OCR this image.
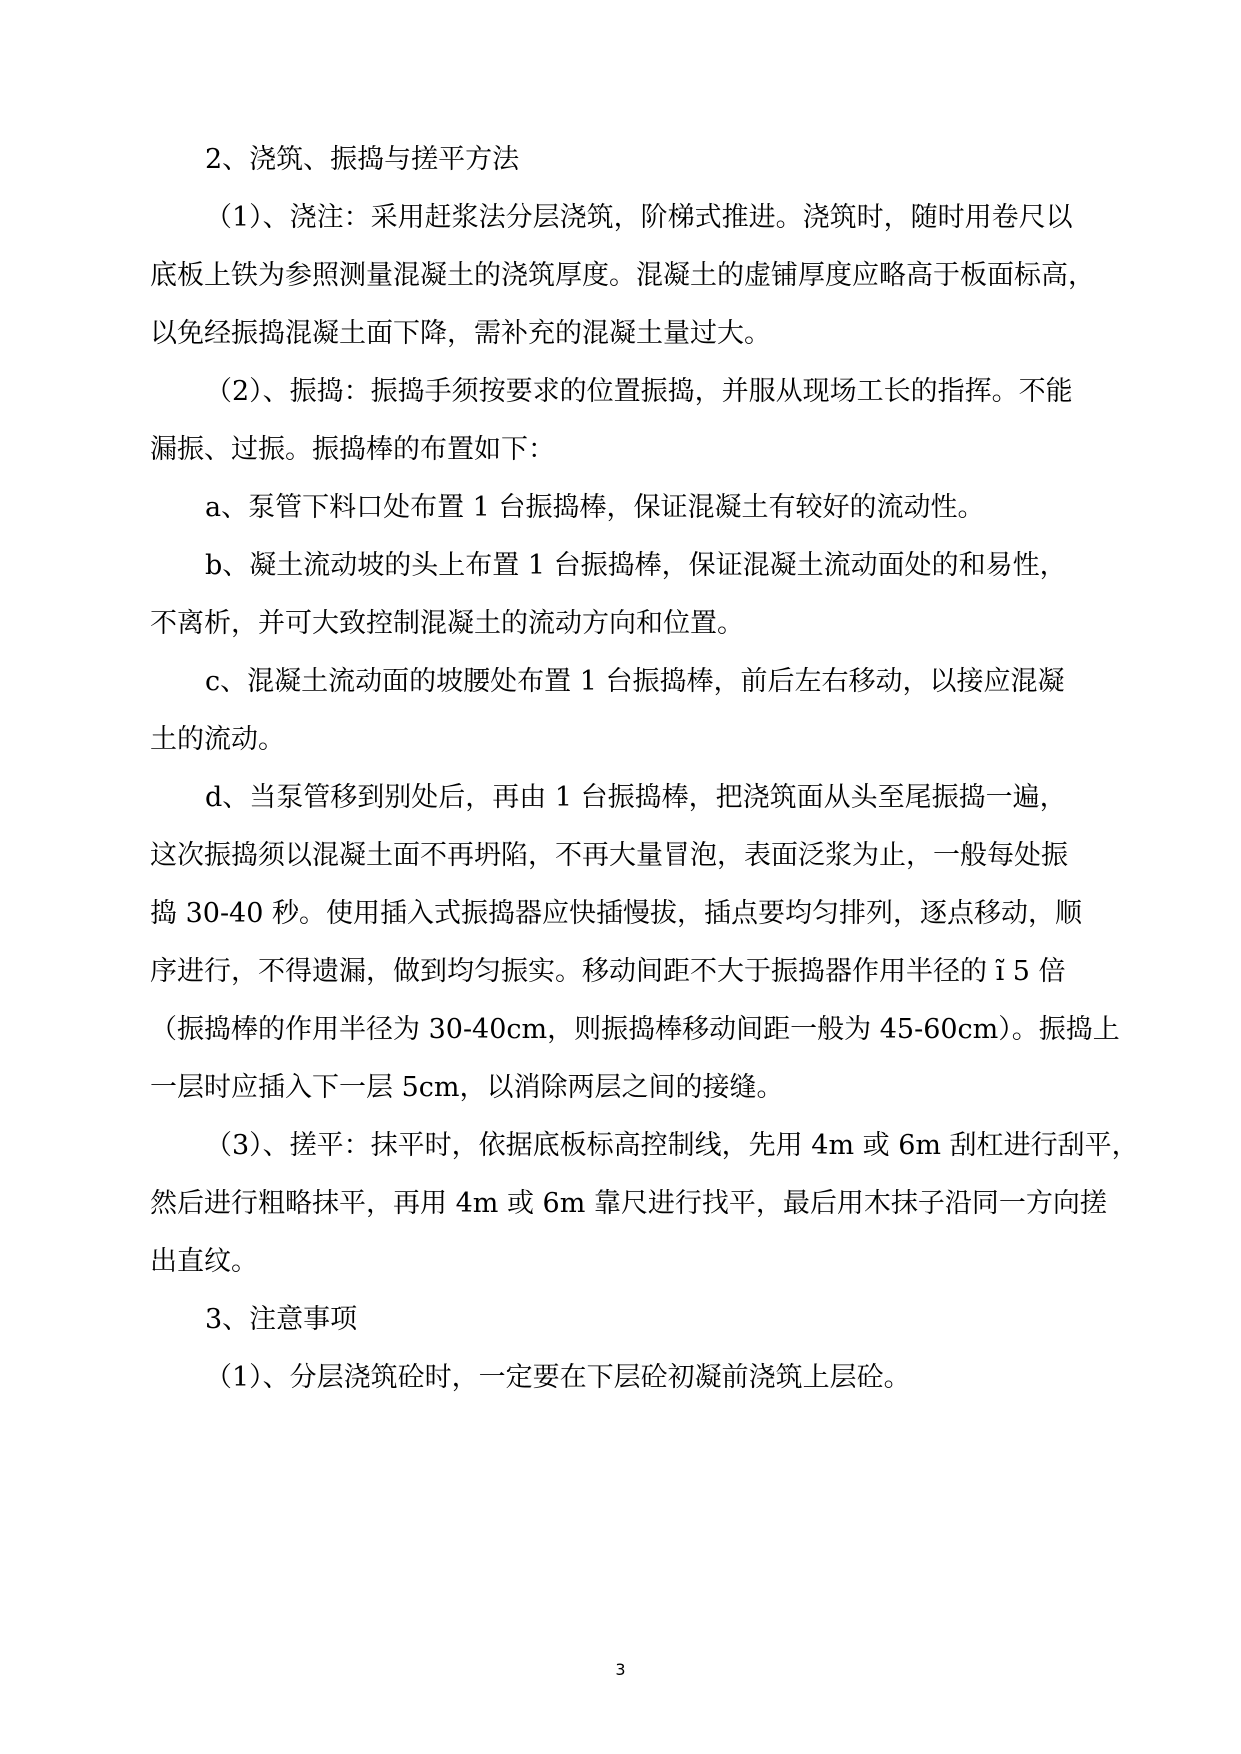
2、浇筑、振捣与搓平方法
（1）、浇注：采用赶浆法分层浇筑，阶梯式推进。浇筑时，随时用卷尺以
底板上铁为参照测量混凝土的浇筑厚度。混凝土的虚铺厚度应略高于板面标高，
以免经振捣混凝土面下降，需补充的混凝土量过大。
（2）、振捣：振捣手须按要求的位置振捣，并服从现场工长的指挥。不能
漏振、过振。振捣棒的布置如下：
a、泵管下料口处布置 1 台振捣棒，保证混凝土有较好的流动性。
b、凝土流动坡的头上布置 1 台振捣棒，保证混凝土流动面处的和易性，
不离析，并可大致控制混凝土的流动方向和位置。
c、混凝土流动面的坡腰处布置 1 台振捣棒，前后左右移动，以接应混凝
土的流动。
d、当泵管移到别处后，再由 1 台振捣棒，把浇筑面从头至尾振捣一遍，
这次振捣须以混凝土面不再坍陷，不再大量冒泡，表面泛浆为止，一般每处振
捣 30-40 秒。使用插入式振捣器应快插慢拔，插点要均匀排列，逐点移动，顺
序进行，不得遗漏，做到均匀振实。移动间距不大于振捣器作用半径的 ĩ 5 倍
（振捣棒的作用半径为 30-40cm，则振捣棒移动间距一般为 45-60cm）。振捣上
一层时应插入下一层 5cm，以消除两层之间的接缝。
（3）、搓平：抹平时，依据底板标高控制线，先用 4m 或 6m 刮杠进行刮平，
然后进行粗略抹平，再用 4m 或 6m 靠尺进行找平，最后用木抹子沿同一方向搓
出直纹。
3、注意事项
（1）、分层浇筑砼时，一定要在下层砼初凝前浇筑上层砼。
3
